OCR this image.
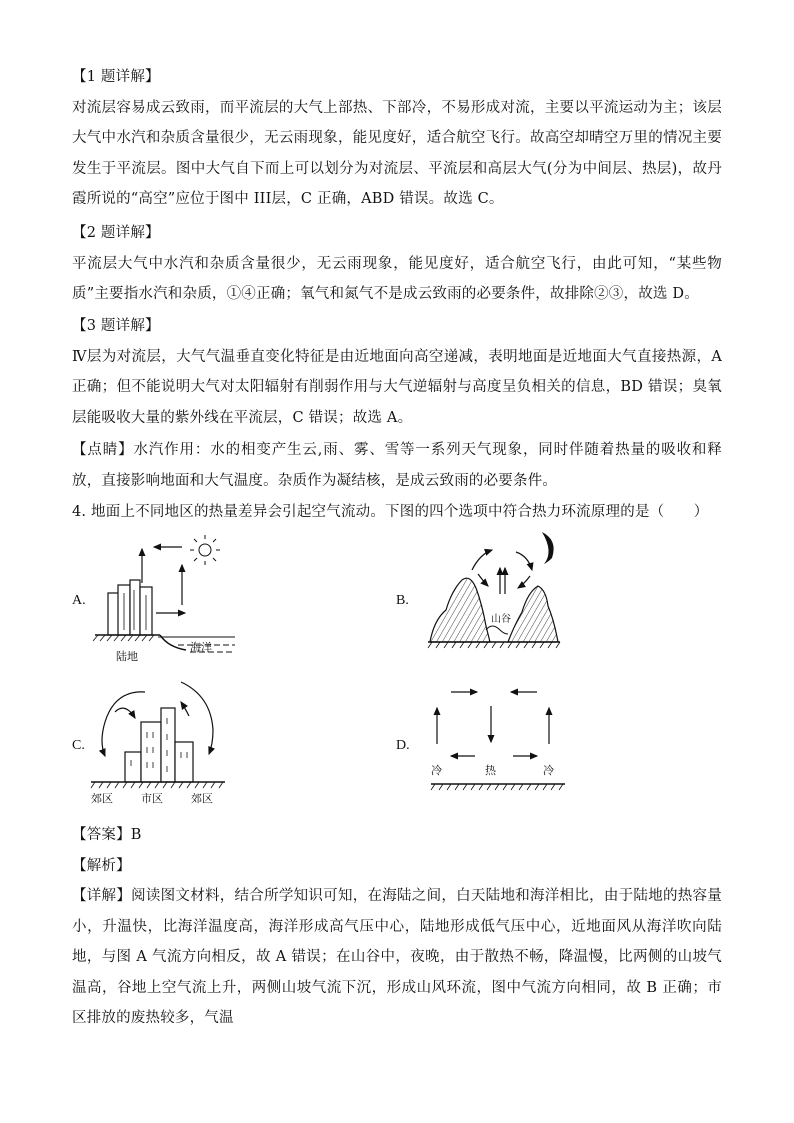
【1 题详解】
对流层容易成云致雨，而平流层的大气上部热、下部冷，不易形成对流，主要以平流运动为主；该层大气中水汽和杂质含量很少，无云雨现象，能见度好，适合航空飞行。故高空却晴空万里的情况主要发生于平流层。图中大气自下而上可以划分为对流层、平流层和高层大气(分为中间层、热层)，故丹霞所说的“高空”应位于图中 III层，C 正确，ABD 错误。故选 C。
【2 题详解】
平流层大气中水汽和杂质含量很少，无云雨现象，能见度好，适合航空飞行，由此可知，“某些物质”主要指水汽和杂质，①④正确；氧气和氮气不是成云致雨的必要条件，故排除②③，故选 D。
【3 题详解】
Ⅳ层为对流层，大气气温垂直变化特征是由近地面向高空递减，表明地面是近地面大气直接热源，A 正确；但不能说明大气对太阳辐射有削弱作用与大气逆辐射与高度呈负相关的信息，BD 错误；臭氧层能吸收大量的紫外线在平流层，C 错误；故选 A。
【点睛】水汽作用：水的相变产生云,雨、雾、雪等一系列天气现象，同时伴随着热量的吸收和释放，直接影响地面和大气温度。杂质作为凝结核，是成云致雨的必要条件。
4. 地面上不同地区的热量差异会引起空气流动。下图的四个选项中符合热力环流原理的是（　　）
A.
海洋
陆地
B.
山谷
C.
郊区	市区	郊区
D.
冷	热	冷
【答案】B
【解析】
【详解】阅读图文材料，结合所学知识可知，在海陆之间，白天陆地和海洋相比，由于陆地的热容量小，升温快，比海洋温度高，海洋形成高气压中心，陆地形成低气压中心，近地面风从海洋吹向陆地，与图 A 气流方向相反，故 A 错误；在山谷中，夜晚，由于散热不畅，降温慢，比两侧的山坡气温高，谷地上空气流上升，两侧山坡气流下沉，形成山风环流，图中气流方向相同，故 B 正确；市区排放的废热较多，气温
